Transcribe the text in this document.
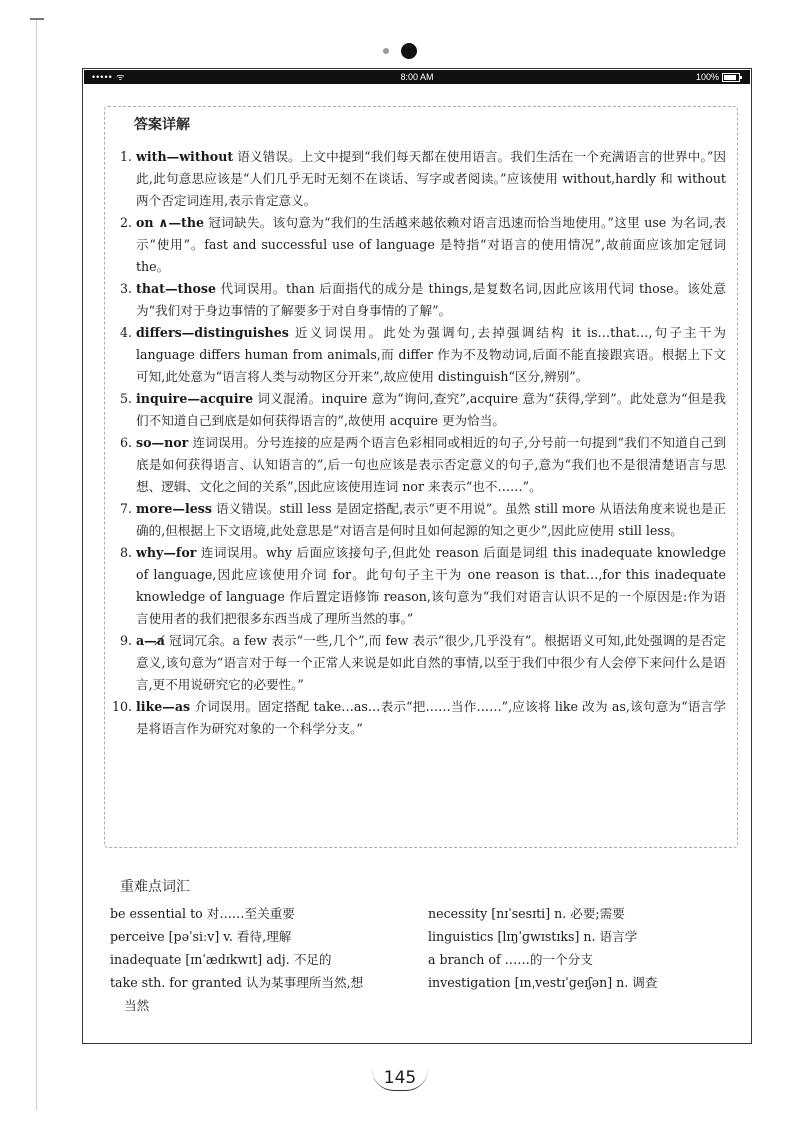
••••• ᯤ	8:00 AM	100%
答案详解
1. with—without 语义错误。上文中提到“我们每天都在使用语言。我们生活在一个充满语言的世界中。”因此,此句意思应该是“人们几乎无时无刻不在谈话、写字或者阅读。”应该使用 without,hardly 和 without 两个否定词连用,表示肯定意义。
2. on ∧—the 冠词缺失。该句意为“我们的生活越来越依赖对语言迅速而恰当地使用。”这里 use 为名词,表示“使用”。fast and successful use of language 是特指“对语言的使用情况”,故前面应该加定冠词 the。
3. that—those 代词误用。than 后面指代的成分是 things,是复数名词,因此应该用代词 those。该处意为“我们对于身边事情的了解要多于对自身事情的了解”。
4. differs—distinguishes 近义词误用。此处为强调句,去掉强调结构 it is…that…,句子主干为 language differs human from animals,而 differ 作为不及物动词,后面不能直接跟宾语。根据上下文可知,此处意为“语言将人类与动物区分开来”,故应使用 distinguish“区分,辨别”。
5. inquire—acquire 词义混淆。inquire 意为“询问,查究”,acquire 意为“获得,学到”。此处意为“但是我们不知道自己到底是如何获得语言的”,故使用 acquire 更为恰当。
6. so—nor 连词误用。分号连接的应是两个语言色彩相同或相近的句子,分号前一句提到“我们不知道自己到底是如何获得语言、认知语言的”,后一句也应该是表示否定意义的句子,意为“我们也不是很清楚语言与思想、逻辑、文化之间的关系”,因此应该使用连词 nor 来表示“也不……”。
7. more—less 语义错误。still less 是固定搭配,表示“更不用说”。虽然 still more 从语法角度来说也是正确的,但根据上下文语境,此处意思是“对语言是何时且如何起源的知之更少”,因此应使用 still less。
8. why—for 连词误用。why 后面应该接句子,但此处 reason 后面是词组 this inadequate knowledge of language,因此应该使用介词 for。此句句子主干为 one reason is that…,for this inadequate knowledge of language 作后置定语修饰 reason,该句意为“我们对语言认识不足的一个原因是:作为语言使用者的我们把很多东西当成了理所当然的事。”
9. a—a̸ 冠词冗余。a few 表示“一些,几个”,而 few 表示“很少,几乎没有”。根据语义可知,此处强调的是否定意义,该句意为“语言对于每一个正常人来说是如此自然的事情,以至于我们中很少有人会停下来问什么是语言,更不用说研究它的必要性。”
10. like—as 介词误用。固定搭配 take…as…表示“把……当作……”,应该将 like 改为 as,该句意为“语言学是将语言作为研究对象的一个科学分支。”
重难点词汇
be essential to 对……至关重要	necessity [nɪˈsesɪti] n. 必要;需要
perceive [pəˈsiːv] v. 看待,理解	linguistics [lɪŋˈɡwɪstɪks] n. 语言学
inadequate [ɪnˈædɪkwɪt] adj. 不足的	a branch of ……的一个分支
take sth. for granted 认为某事理所当然,想	investigation [ɪnˌvestɪˈɡeɪʃən] n. 调查
当然
145
